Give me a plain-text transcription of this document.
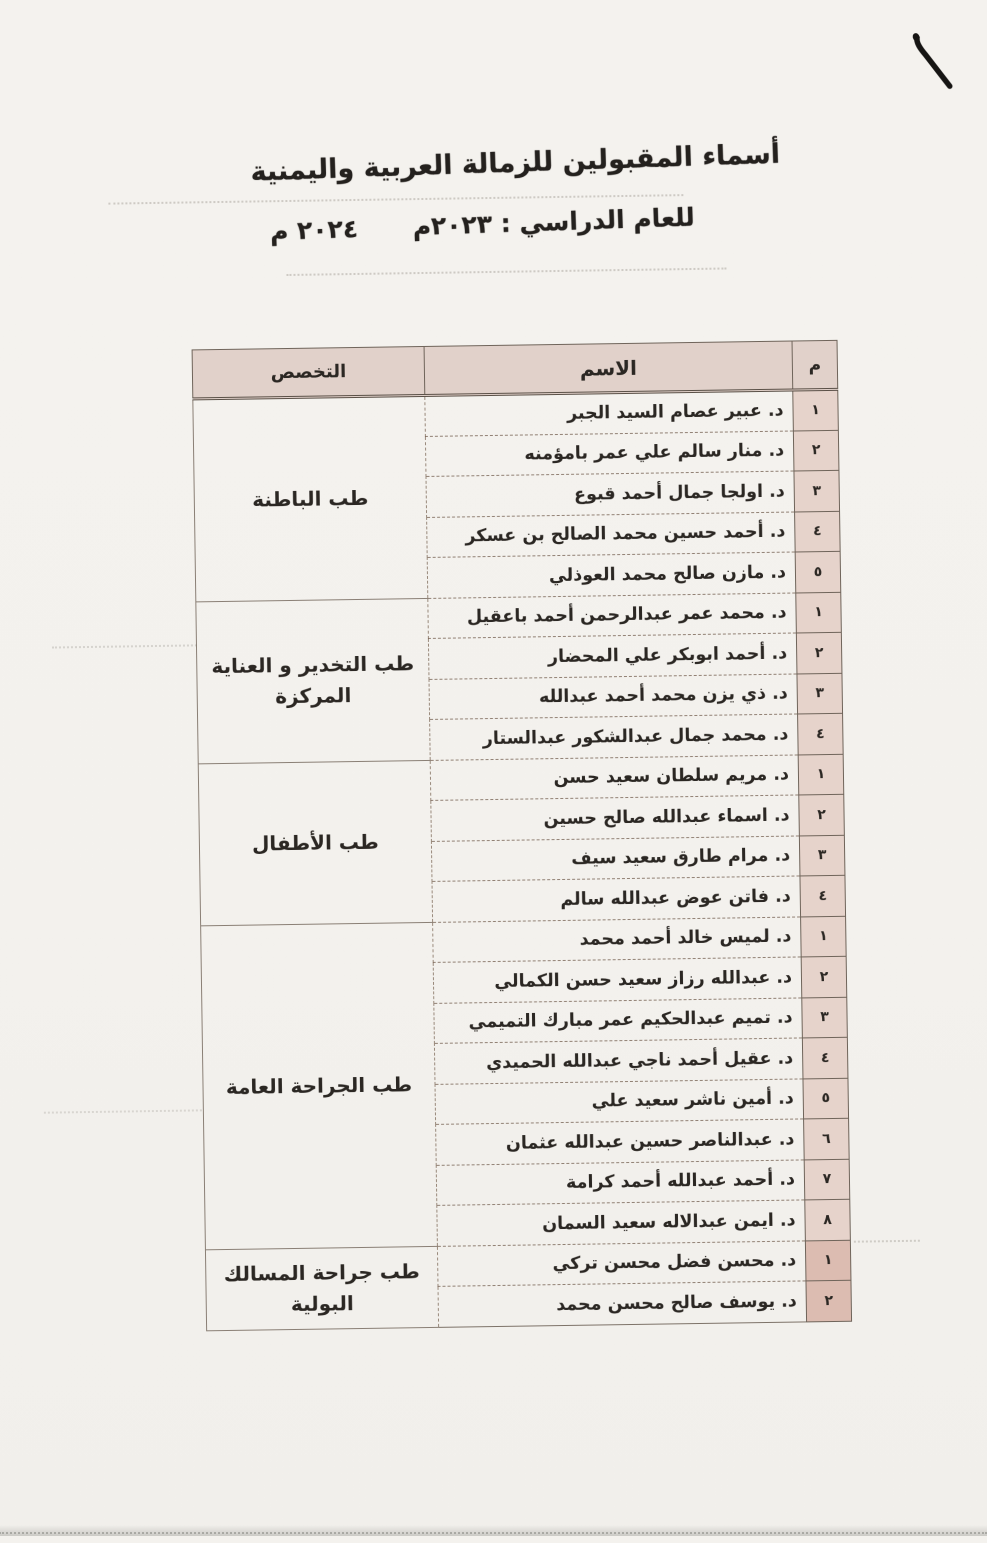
أسماء المقبولين للزمالة العربية واليمنية
للعام الدراسي : ٢٠٢٣م ٢٠٢٤ م
م	الاسم	التخصص
١	د. عبير عصام السيد الجبر	طب الباطنة
٢	د. منار سالم علي عمر بامؤمنه	
٣	د. اولجا جمال أحمد قبوع	
٤	د. أحمد حسين محمد الصالح بن عسكر	
٥	د. مازن صالح محمد العوذلي	
١	د. محمد عمر عبدالرحمن أحمد باعقيل	طب التخدير و العناية المركزة
٢	د. أحمد ابوبكر علي المحضار	
٣	د. ذي يزن محمد أحمد عبدالله	
٤	د. محمد جمال عبدالشكور عبدالستار	
١	د. مريم سلطان سعيد حسن	طب الأطفال
٢	د. اسماء عبدالله صالح حسين	
٣	د. مرام طارق سعيد سيف	
٤	د. فاتن عوض عبدالله سالم	
١	د. لميس خالد أحمد محمد	طب الجراحة العامة
٢	د. عبدالله رزاز سعيد حسن الكمالي	
٣	د. تميم عبدالحكيم عمر مبارك التميمي	
٤	د. عقيل أحمد ناجي عبدالله الحميدي	
٥	د. أمين ناشر سعيد علي	
٦	د. عبدالناصر حسين عبدالله عثمان	
٧	د. أحمد عبدالله أحمد كرامة	
٨	د. ايمن عبدالاله سعيد السمان	
١	د. محسن فضل محسن تركي	طب جراحة المسالك البولية
٢	د. يوسف صالح محسن محمد	
